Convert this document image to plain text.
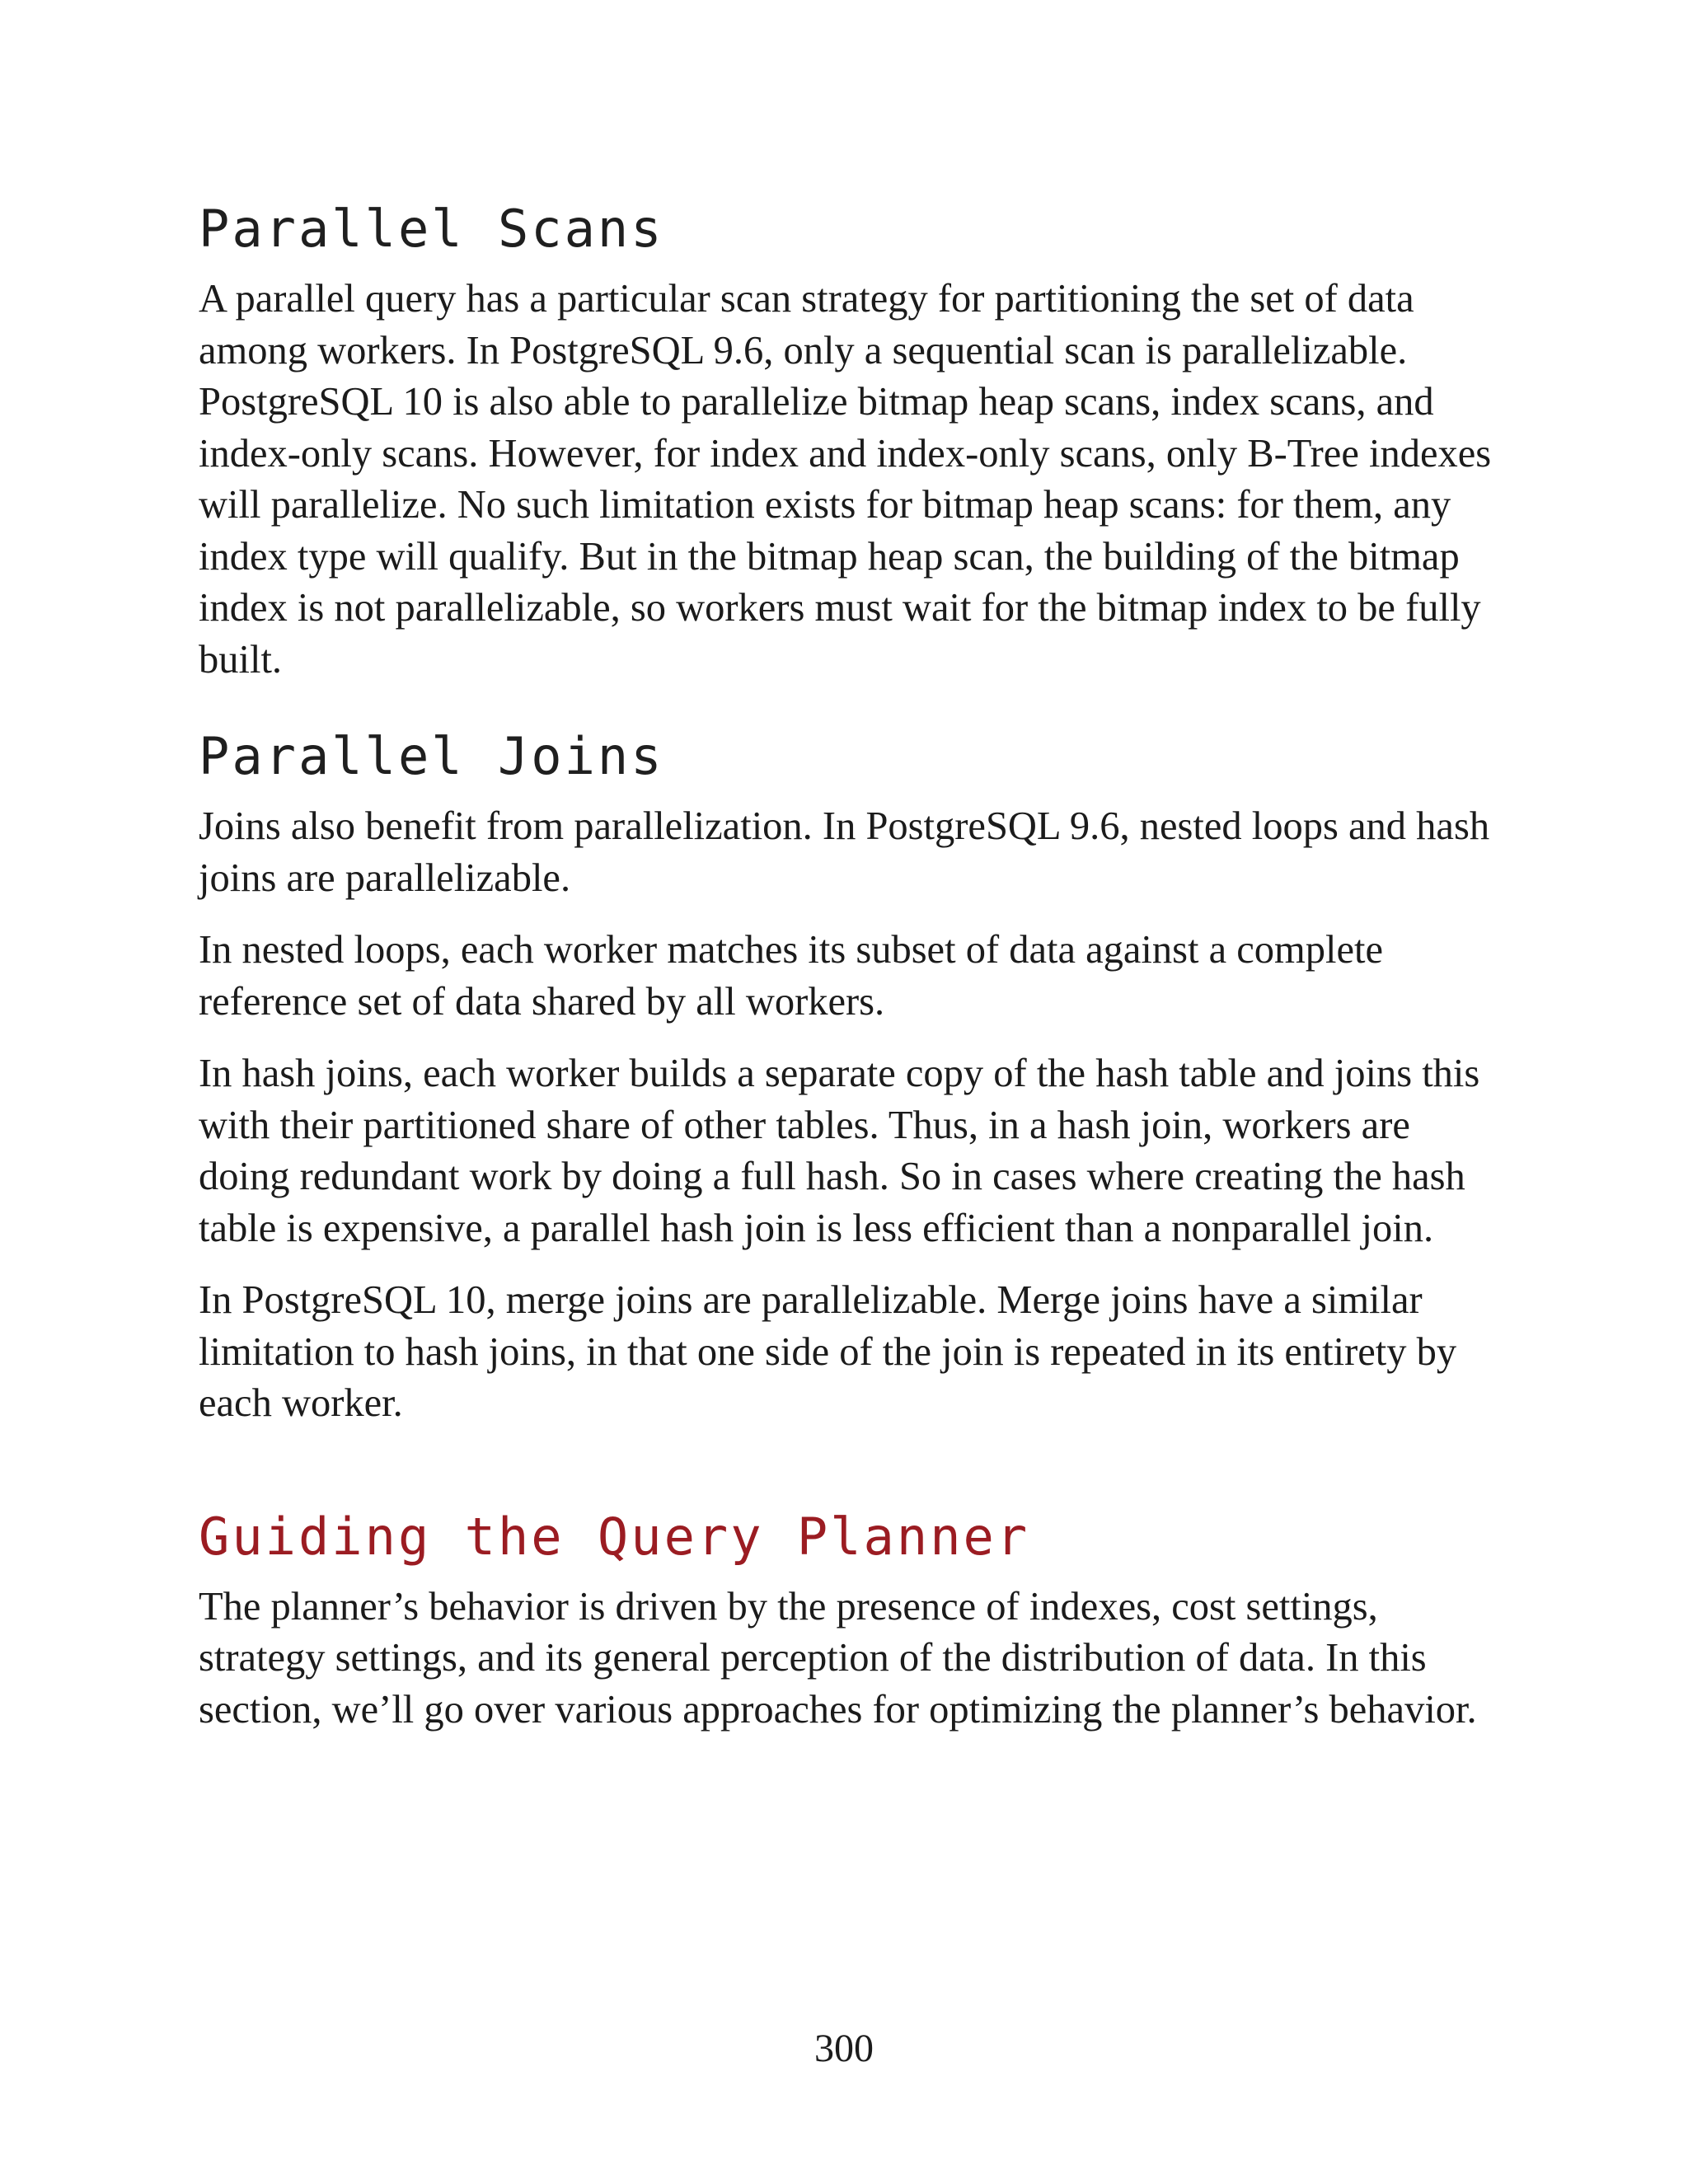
Parallel Scans

A parallel query has a particular scan strategy for partitioning the set of data among workers. In PostgreSQL 9.6, only a sequential scan is parallelizable. PostgreSQL 10 is also able to parallelize bitmap heap scans, index scans, and index-only scans. However, for index and index-only scans, only B-Tree indexes will parallelize. No such limitation exists for bitmap heap scans: for them, any index type will qualify. But in the bitmap heap scan, the building of the bitmap index is not parallelizable, so workers must wait for the bitmap index to be fully built.

Parallel Joins

Joins also benefit from parallelization. In PostgreSQL 9.6, nested loops and hash joins are parallelizable.

In nested loops, each worker matches its subset of data against a complete reference set of data shared by all workers.

In hash joins, each worker builds a separate copy of the hash table and joins this with their partitioned share of other tables. Thus, in a hash join, workers are doing redundant work by doing a full hash. So in cases where creating the hash table is expensive, a parallel hash join is less efficient than a nonparallel join.

In PostgreSQL 10, merge joins are parallelizable. Merge joins have a similar limitation to hash joins, in that one side of the join is repeated in its entirety by each worker.

Guiding the Query Planner

The planner’s behavior is driven by the presence of indexes, cost settings, strategy settings, and its general perception of the distribution of data. In this section, we’ll go over various approaches for optimizing the planner’s behavior.

300
